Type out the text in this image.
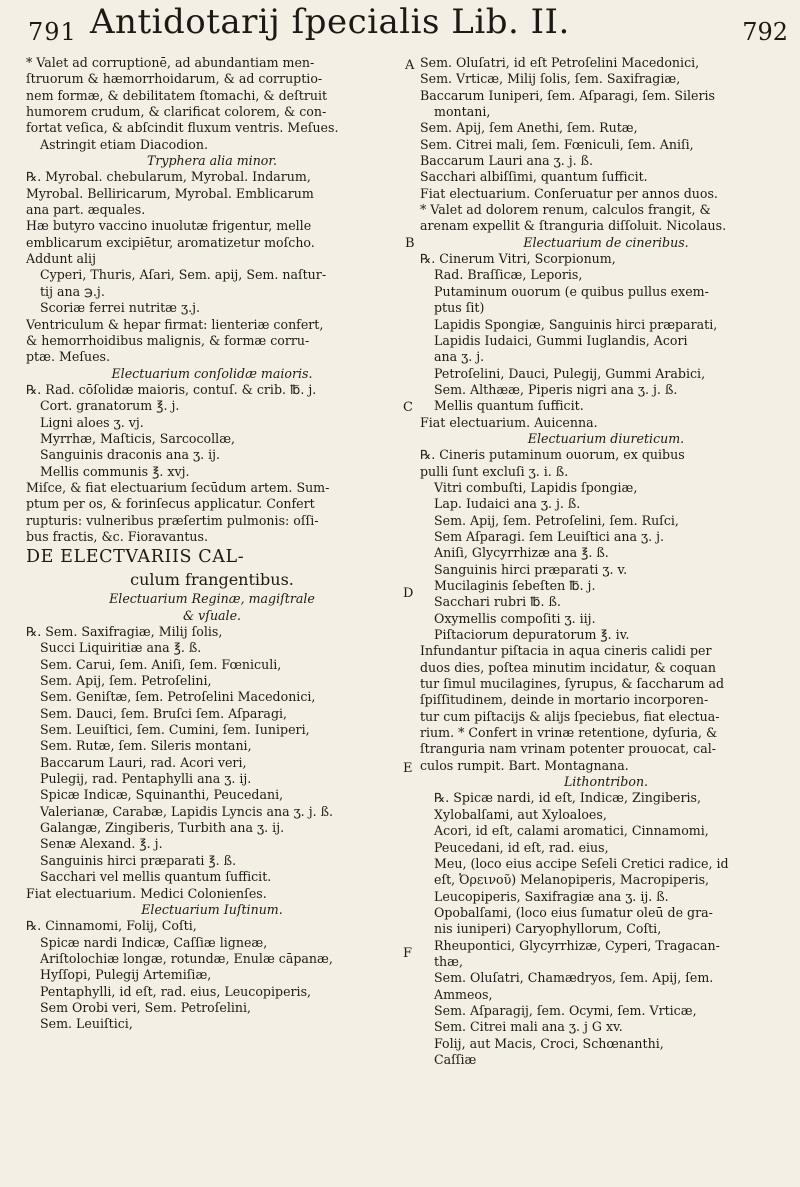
791 Antidotarij ſpecialis Lib. II.	792
A
B
C
D
E
F
* Valet ad corruptionē, ad abundantiam men-
ſtruorum & hæmorrhoidarum, & ad corruptio-
nem formæ, & debilitatem ſtomachi, & deſtruit
humorem crudum, & clarificat colorem, & con-
fortat veſica, & abſcindit fluxum ventris. Meſues.
Astringit etiam Diacodion.
Tryphera alia minor.
℞. Myrobal. chebularum, Myrobal. Indarum,
Myrobal. Belliricarum, Myrobal. Emblicarum
ana part. æquales.
Hæ butyro vaccino inuolutæ frigentur, melle
emblicarum excipiētur, aromatizetur moſcho.
Addunt alij
Cyperi, Thuris, Aſari, Sem. apij, Sem. naſtur-
tij ana ℈.j.
Scoriæ ferrei nutritæ ʒ.j.
Ventriculum & hepar firmat: lienteriæ confert,
& hemorrhoidibus malignis, & formæ corru-
ptæ. Meſues.
Electuarium conſolidæ maioris.
℞. Rad. cōſolidæ maioris, contuſ. & crib. ℔. j.
Cort. granatorum ℥. j.
Ligni aloes ʒ. vj.
Myrrhæ, Maſticis, Sarcocollæ,
Sanguinis draconis ana ʒ. ij.
Mellis communis ℥. xvj.
Miſce, & fiat electuarium ſecūdum artem. Sum-
ptum per os, & forinſecus applicatur. Confert
rupturis: vulneribus præſertim pulmonis: oſſi-
bus fractis, &c. Fioravantus.
DE ELECTVARIIS CAL-
culum frangentibus.
Electuarium Reginæ, magiſtrale
& vſuale.
℞. Sem. Saxifragiæ, Milij ſolis,
Succi Liquiritiæ ana ℥. ß.
Sem. Carui, ſem. Aniſi, ſem. Fœniculi,
Sem. Apij, ſem. Petroſelini,
Sem. Geniſtæ, ſem. Petroſelini Macedonici,
Sem. Dauci, ſem. Bruſci ſem. Aſparagi,
Sem. Leuiſtici, ſem. Cumini, ſem. Iuniperi,
Sem. Rutæ, ſem. Sileris montani,
Baccarum Lauri, rad. Acori veri,
Pulegij, rad. Pentaphylli ana ʒ. ij.
Spicæ Indicæ, Squinanthi, Peucedani,
Valerianæ, Carabæ, Lapidis Lyncis ana ʒ. j. ß.
Galangæ, Zingiberis, Turbith ana ʒ. ij.
Senæ Alexand. ℥. j.
Sanguinis hirci præparati ℥. ß.
Sacchari vel mellis quantum ſufficit.
Fiat electuarium. Medici Colonienſes.
Electuarium Iuſtinum.
℞. Cinnamomi, Folij, Coſti,
Spicæ nardi Indicæ, Caſſiæ ligneæ,
Ariſtolochiæ longæ, rotundæ, Enulæ cāpanæ,
Hyſſopi, Pulegij Artemiſiæ,
Pentaphylli, id eſt, rad. eius, Leucopiperis,
Sem Orobi veri, Sem. Petroſelini,
Sem. Leuiſtici,
Sem. Oluſatri, id eſt Petroſelini Macedonici,
Sem. Vrticæ, Milij ſolis, ſem. Saxifragiæ,
Baccarum Iuniperi, ſem. Aſparagi, ſem. Sileris
montani,
Sem. Apij, ſem Anethi, ſem. Rutæ,
Sem. Citrei mali, ſem. Fœniculi, ſem. Aniſi,
Baccarum Lauri ana ʒ. j. ß.
Sacchari albiſſimi, quantum ſufficit.
Fiat electuarium. Conſeruatur per annos duos.
* Valet ad dolorem renum, calculos frangit, &
arenam expellit & ſtranguria diſſoluit. Nicolaus.
Electuarium de cineribus.
℞. Cinerum Vitri, Scorpionum,
Rad. Braſſicæ, Leporis,
Putaminum ouorum (e quibus pullus exem-
ptus ſit)
Lapidis Spongiæ, Sanguinis hirci præparati,
Lapidis Iudaici, Gummi Iuglandis, Acori
ana ʒ. j.
Petroſelini, Dauci, Pulegij, Gummi Arabici,
Sem. Althææ, Piperis nigri ana ʒ. j. ß.
Mellis quantum ſufficit.
Fiat electuarium. Auicenna.
Electuarium diureticum.
℞. Cineris putaminum ouorum, ex quibus
pulli ſunt excluſi ʒ. i. ß.
Vitri combuſti, Lapidis ſpongiæ,
Lap. Iudaici ana ʒ. j. ß.
Sem. Apij, ſem. Petroſelini, ſem. Ruſci,
Sem Aſparagi. ſem Leuiſtici ana ʒ. j.
Aniſi, Glycyrrhizæ ana ℥. ß.
Sanguinis hirci præparati ʒ. v.
Mucilaginis ſebeſten ℔. j.
Sacchari rubri ℔. ß.
Oxymellis compoſiti ʒ. iij.
Piſtaciorum depuratorum ℥. iv.
Infundantur piſtacia in aqua cineris calidi per
duos dies, poſtea minutim incidatur, & coquan
tur ſimul mucilagines, ſyrupus, & ſaccharum ad
ſpiſſitudinem, deinde in mortario incorporen-
tur cum piſtacijs & alijs ſpeciebus, fiat electua-
rium. * Confert in vrinæ retentione, dyſuria, &
ſtranguria nam vrinam potenter prouocat, cal-
culos rumpit. Bart. Montagnana.
Lithontribon.
℞. Spicæ nardi, id eſt, Indicæ, Zingiberis,
Xylobalſami, aut Xyloaloes,
Acori, id eſt, calami aromatici, Cinnamomi,
Peucedani, id eſt, rad. eius,
Meu, (loco eius accipe Seſeli Cretici radice, id
eſt, Ὀρεινοῦ) Melanopiperis, Macropiperis,
Leucopiperis, Saxifragiæ ana ʒ. ij. ß.
Opobalſami, (loco eius ſumatur oleū de gra-
nis iuniperi) Caryophyllorum, Coſti,
Rheupontici, Glycyrrhizæ, Cyperi, Tragacan-
thæ,
Sem. Oluſatri, Chamædryos, ſem. Apij, ſem.
Ammeos,
Sem. Aſparagij, ſem. Ocymi, ſem. Vrticæ,
Sem. Citrei mali ana ʒ. j G xv.
Folij, aut Macis, Croci, Schœnanthi,
Caſſiæ
